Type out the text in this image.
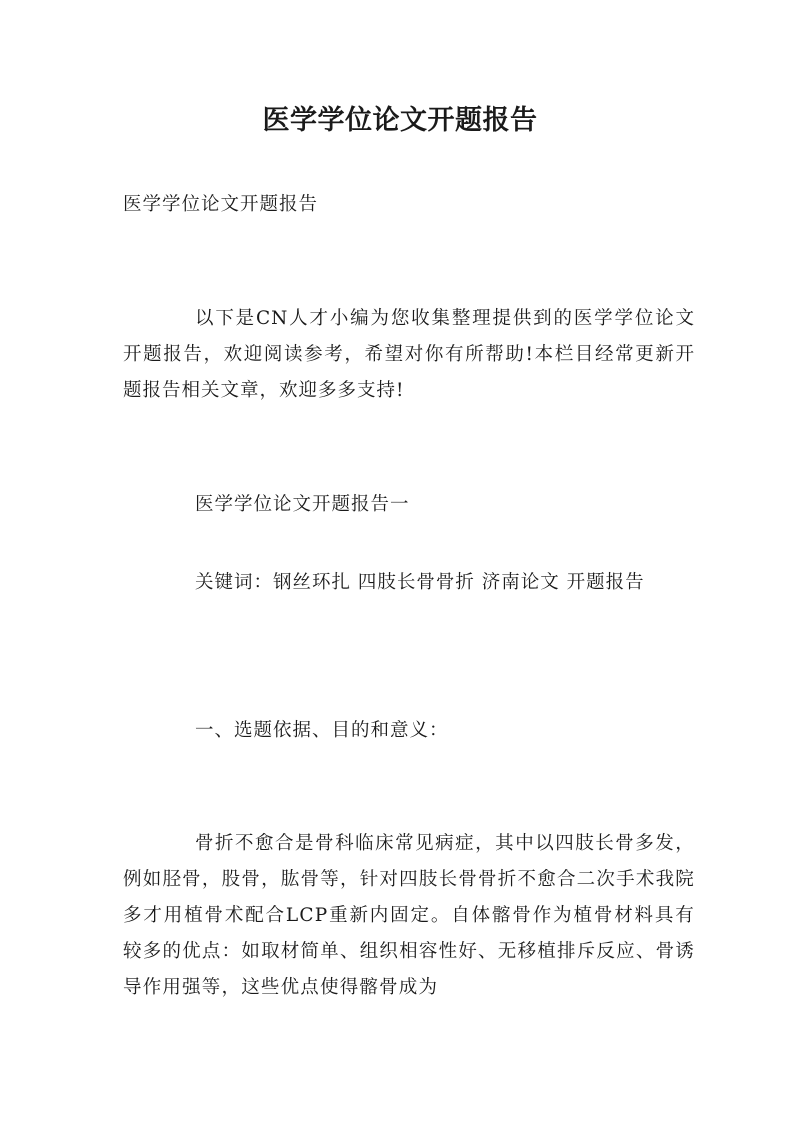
医学学位论文开题报告

医学学位论文开题报告

以下是CN人才小编为您收集整理提供到的医学学位论文开题报告，欢迎阅读参考，希望对你有所帮助!本栏目经常更新开题报告相关文章，欢迎多多支持!

医学学位论文开题报告一

关键词：钢丝环扎 四肢长骨骨折 济南论文 开题报告

一、选题依据、目的和意义：

骨折不愈合是骨科临床常见病症，其中以四肢长骨多发，例如胫骨，股骨，肱骨等，针对四肢长骨骨折不愈合二次手术我院多才用植骨术配合LCP重新内固定。自体髂骨作为植骨材料具有较多的优点：如取材简单、组织相容性好、无移植排斥反应、骨诱导作用强等，这些优点使得髂骨成为
